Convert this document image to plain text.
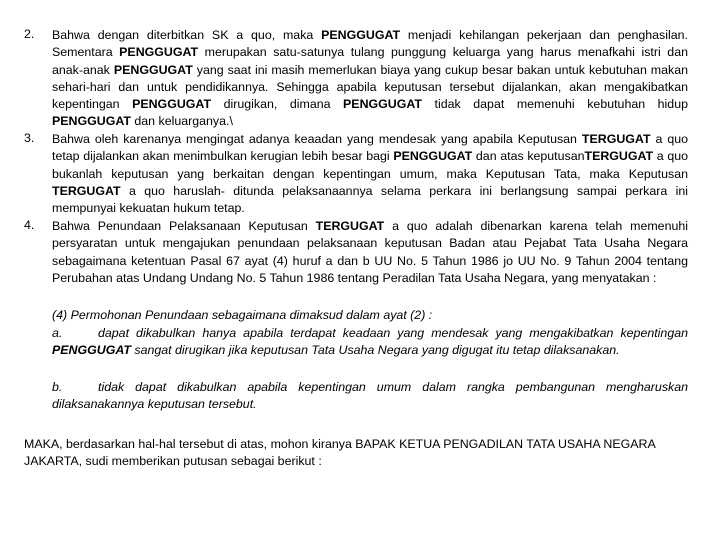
2. Bahwa dengan diterbitkan SK a quo, maka PENGGUGAT menjadi kehilangan pekerjaan dan penghasilan. Sementara PENGGUGAT merupakan satu-satunya tulang punggung keluarga yang harus menafkahi istri dan anak-anak PENGGUGAT yang saat ini masih memerlukan biaya yang cukup besar bakan untuk kebutuhan makan sehari-hari dan untuk pendidikannya. Sehingga apabila keputusan tersebut dijalankan, akan mengakibatkan kepentingan PENGGUGAT dirugikan, dimana PENGGUGAT tidak dapat memenuhi kebutuhan hidup PENGGUGAT dan keluarganya.\

3. Bahwa oleh karenanya mengingat adanya keaadan yang mendesak yang apabila Keputusan TERGUGAT a quo tetap dijalankan akan menimbulkan kerugian lebih besar bagi PENGGUGAT dan atas keputusanTERGUGAT a quo bukanlah keputusan yang berkaitan dengan kepentingan umum, maka Keputusan Tata, maka Keputusan TERGUGAT a quo haruslah- ditunda pelaksanaannya selama perkara ini berlangsung sampai perkara ini mempunyai kekuatan hukum tetap.

4. Bahwa Penundaan Pelaksanaan Keputusan TERGUGAT a quo adalah dibenarkan karena telah memenuhi persyaratan untuk mengajukan penundaan pelaksanaan keputusan Badan atau Pejabat Tata Usaha Negara sebagaimana ketentuan Pasal 67 ayat (4) huruf a dan b UU No. 5 Tahun 1986 jo UU No. 9 Tahun 2004 tentang Perubahan atas Undang Undang No. 5 Tahun 1986 tentang Peradilan Tata Usaha Negara, yang menyatakan :

(4) Permohonan Penundaan sebagaimana dimaksud dalam ayat (2) :

a.	dapat dikabulkan hanya apabila terdapat keadaan yang mendesak yang mengakibatkan kepentingan PENGGUGAT sangat dirugikan jika keputusan Tata Usaha Negara yang digugat itu tetap dilaksanakan.

b.	tidak dapat dikabulkan apabila kepentingan umum dalam rangka pembangunan mengharuskan dilaksanakannya keputusan tersebut.

MAKA, berdasarkan hal-hal tersebut di atas, mohon kiranya BAPAK KETUA PENGADILAN TATA USAHA NEGARA JAKARTA, sudi memberikan putusan sebagai berikut :
